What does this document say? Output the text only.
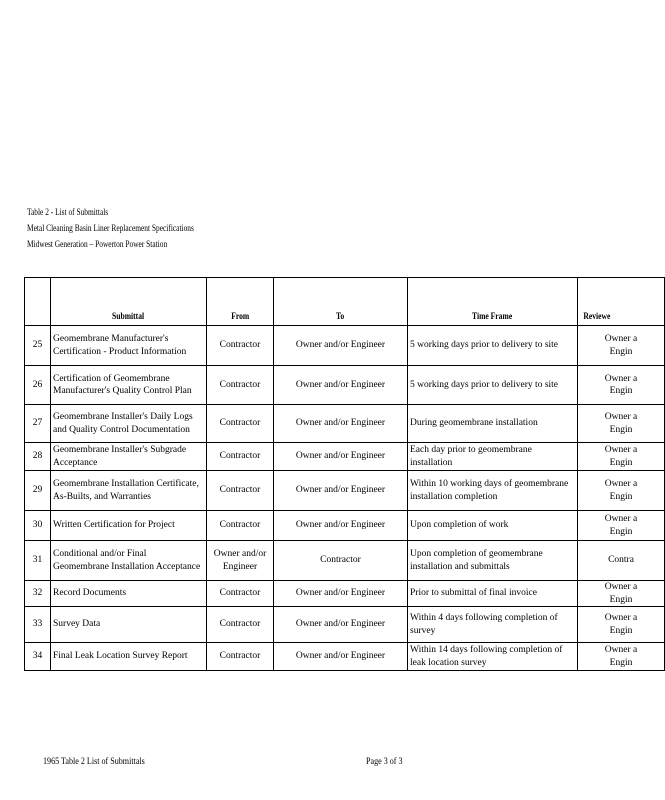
Table 2 - List of Submittals
Metal Cleaning Basin Liner Replacement Specifications
Midwest Generation – Powerton Power Station
	Submittal	From	To	Time Frame	Reviewe
25	Geomembrane Manufacturer's Certification - Product Information	Contractor	Owner and/or Engineer	5 working days prior to delivery to site	Owner a
Engin

26	Certification of Geomembrane Manufacturer's Quality Control Plan	Contractor	Owner and/or Engineer	5 working days prior to delivery to site	Owner a
Engin

27	Geomembrane Installer's Daily Logs and Quality Control Documentation	Contractor	Owner and/or Engineer	During geomembrane installation	Owner a
Engin

28	Geomembrane Installer's Subgrade Acceptance	Contractor	Owner and/or Engineer	Each day prior to geomembrane installation	Owner a
Engin

29	Geomembrane Installation Certificate, As-Builts, and Warranties	Contractor	Owner and/or Engineer	Within 10 working days of geomembrane installation completion	Owner a
Engin

30	Written Certification for Project	Contractor	Owner and/or Engineer	Upon completion of work	Owner a
Engin

31	Conditional and/or Final Geomembrane Installation Acceptance	Owner and/or Engineer	Contractor	Upon completion of geomembrane installation and submittals	Contra

32	Record Documents	Contractor	Owner and/or Engineer	Prior to submittal of final invoice	Owner a
Engin

33	Survey Data	Contractor	Owner and/or Engineer	Within 4 days following completion of survey	Owner a
Engin

34	Final Leak Location Survey Report	Contractor	Owner and/or Engineer	Within 14 days following completion of leak location survey	Owner a
Engin
1965 Table 2 List of Submittals	Page 3 of 3
